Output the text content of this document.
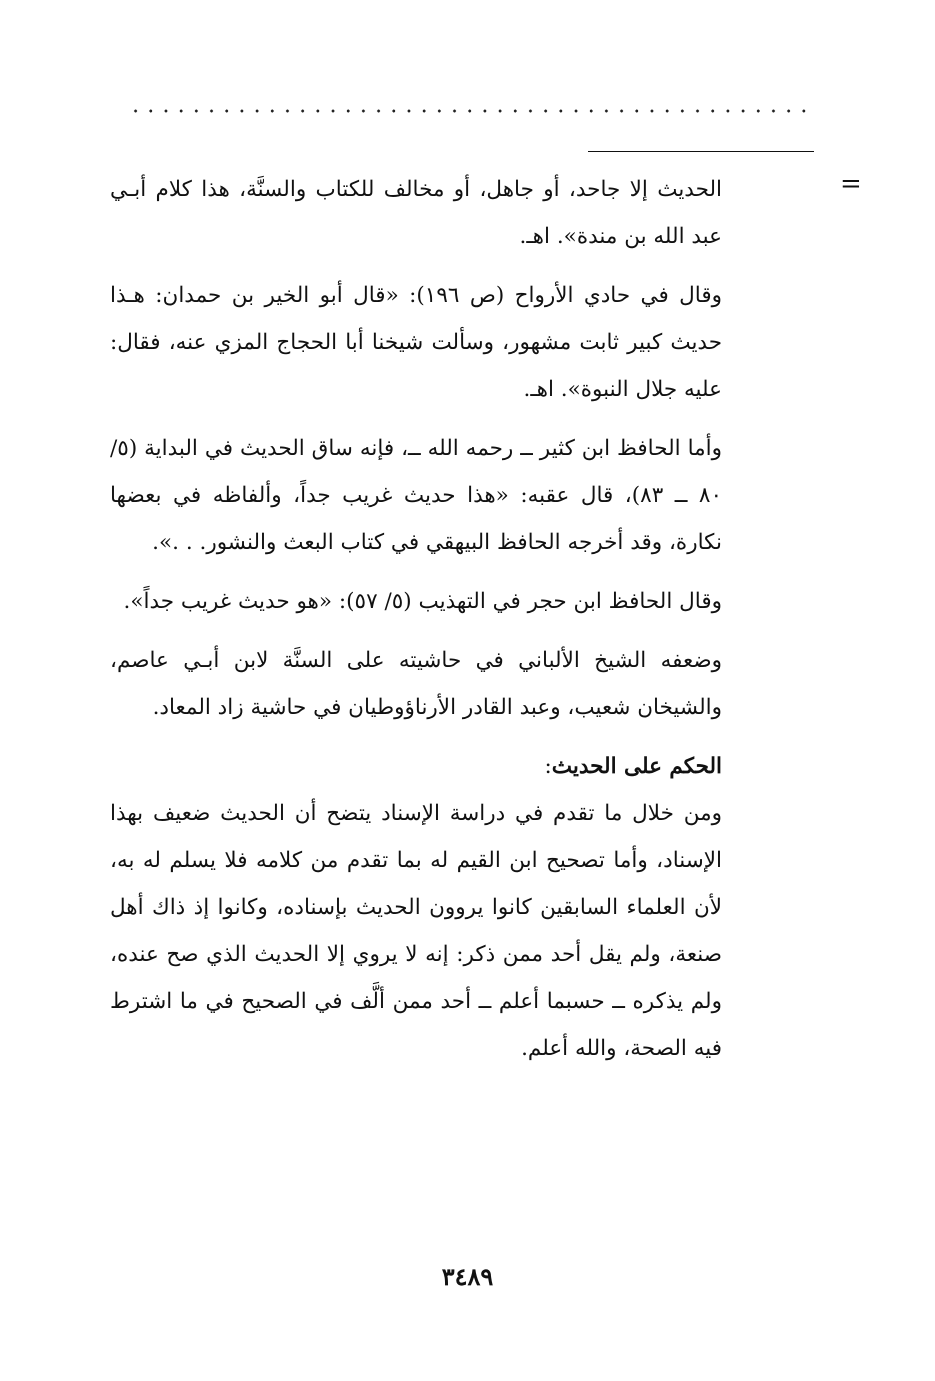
=

الحديث إلا جاحد، أو جاهل، أو مخالف للكتاب والسنَّة، هذا كلام أبـي عبد الله بن مندة». اهـ.

وقال في حادي الأرواح (ص ١٩٦): «قال أبو الخير بن حمدان: هـذا حديث كبير ثابت مشهور، وسألت شيخنا أبا الحجاج المزي عنه، فقال: عليه جلال النبوة». اهـ.

وأما الحافظ ابن كثير ــ رحمه الله ــ، فإنه ساق الحديث في البداية (٥/ ٨٠ ــ ٨٣)، قال عقبه: «هذا حديث غريب جداً، وألفاظه في بعضها نكارة، وقد أخرجه الحافظ البيهقي في كتاب البعث والنشور. . .».

وقال الحافظ ابن حجر في التهذيب (٥/ ٥٧): «هو حديث غريب جداً».

وضعفه الشيخ الألباني في حاشيته على السنَّة لابن أبـي عاصم، والشيخان شعيب، وعبد القادر الأرناؤوطيان في حاشية زاد المعاد.

الحكم على الحديث:

ومن خلال ما تقدم في دراسة الإسناد يتضح أن الحديث ضعيف بهذا الإسناد، وأما تصحيح ابن القيم له بما تقدم من كلامه فلا يسلم له به، لأن العلماء السابقين كانوا يروون الحديث بإسناده، وكانوا إذ ذاك أهل صنعة، ولم يقل أحد ممن ذكر: إنه لا يروي إلا الحديث الذي صح عنده، ولم يذكره ــ حسبما أعلم ــ أحد ممن ألَّف في الصحيح في ما اشترط فيه الصحة، والله أعلم.

٣٤٨٩
